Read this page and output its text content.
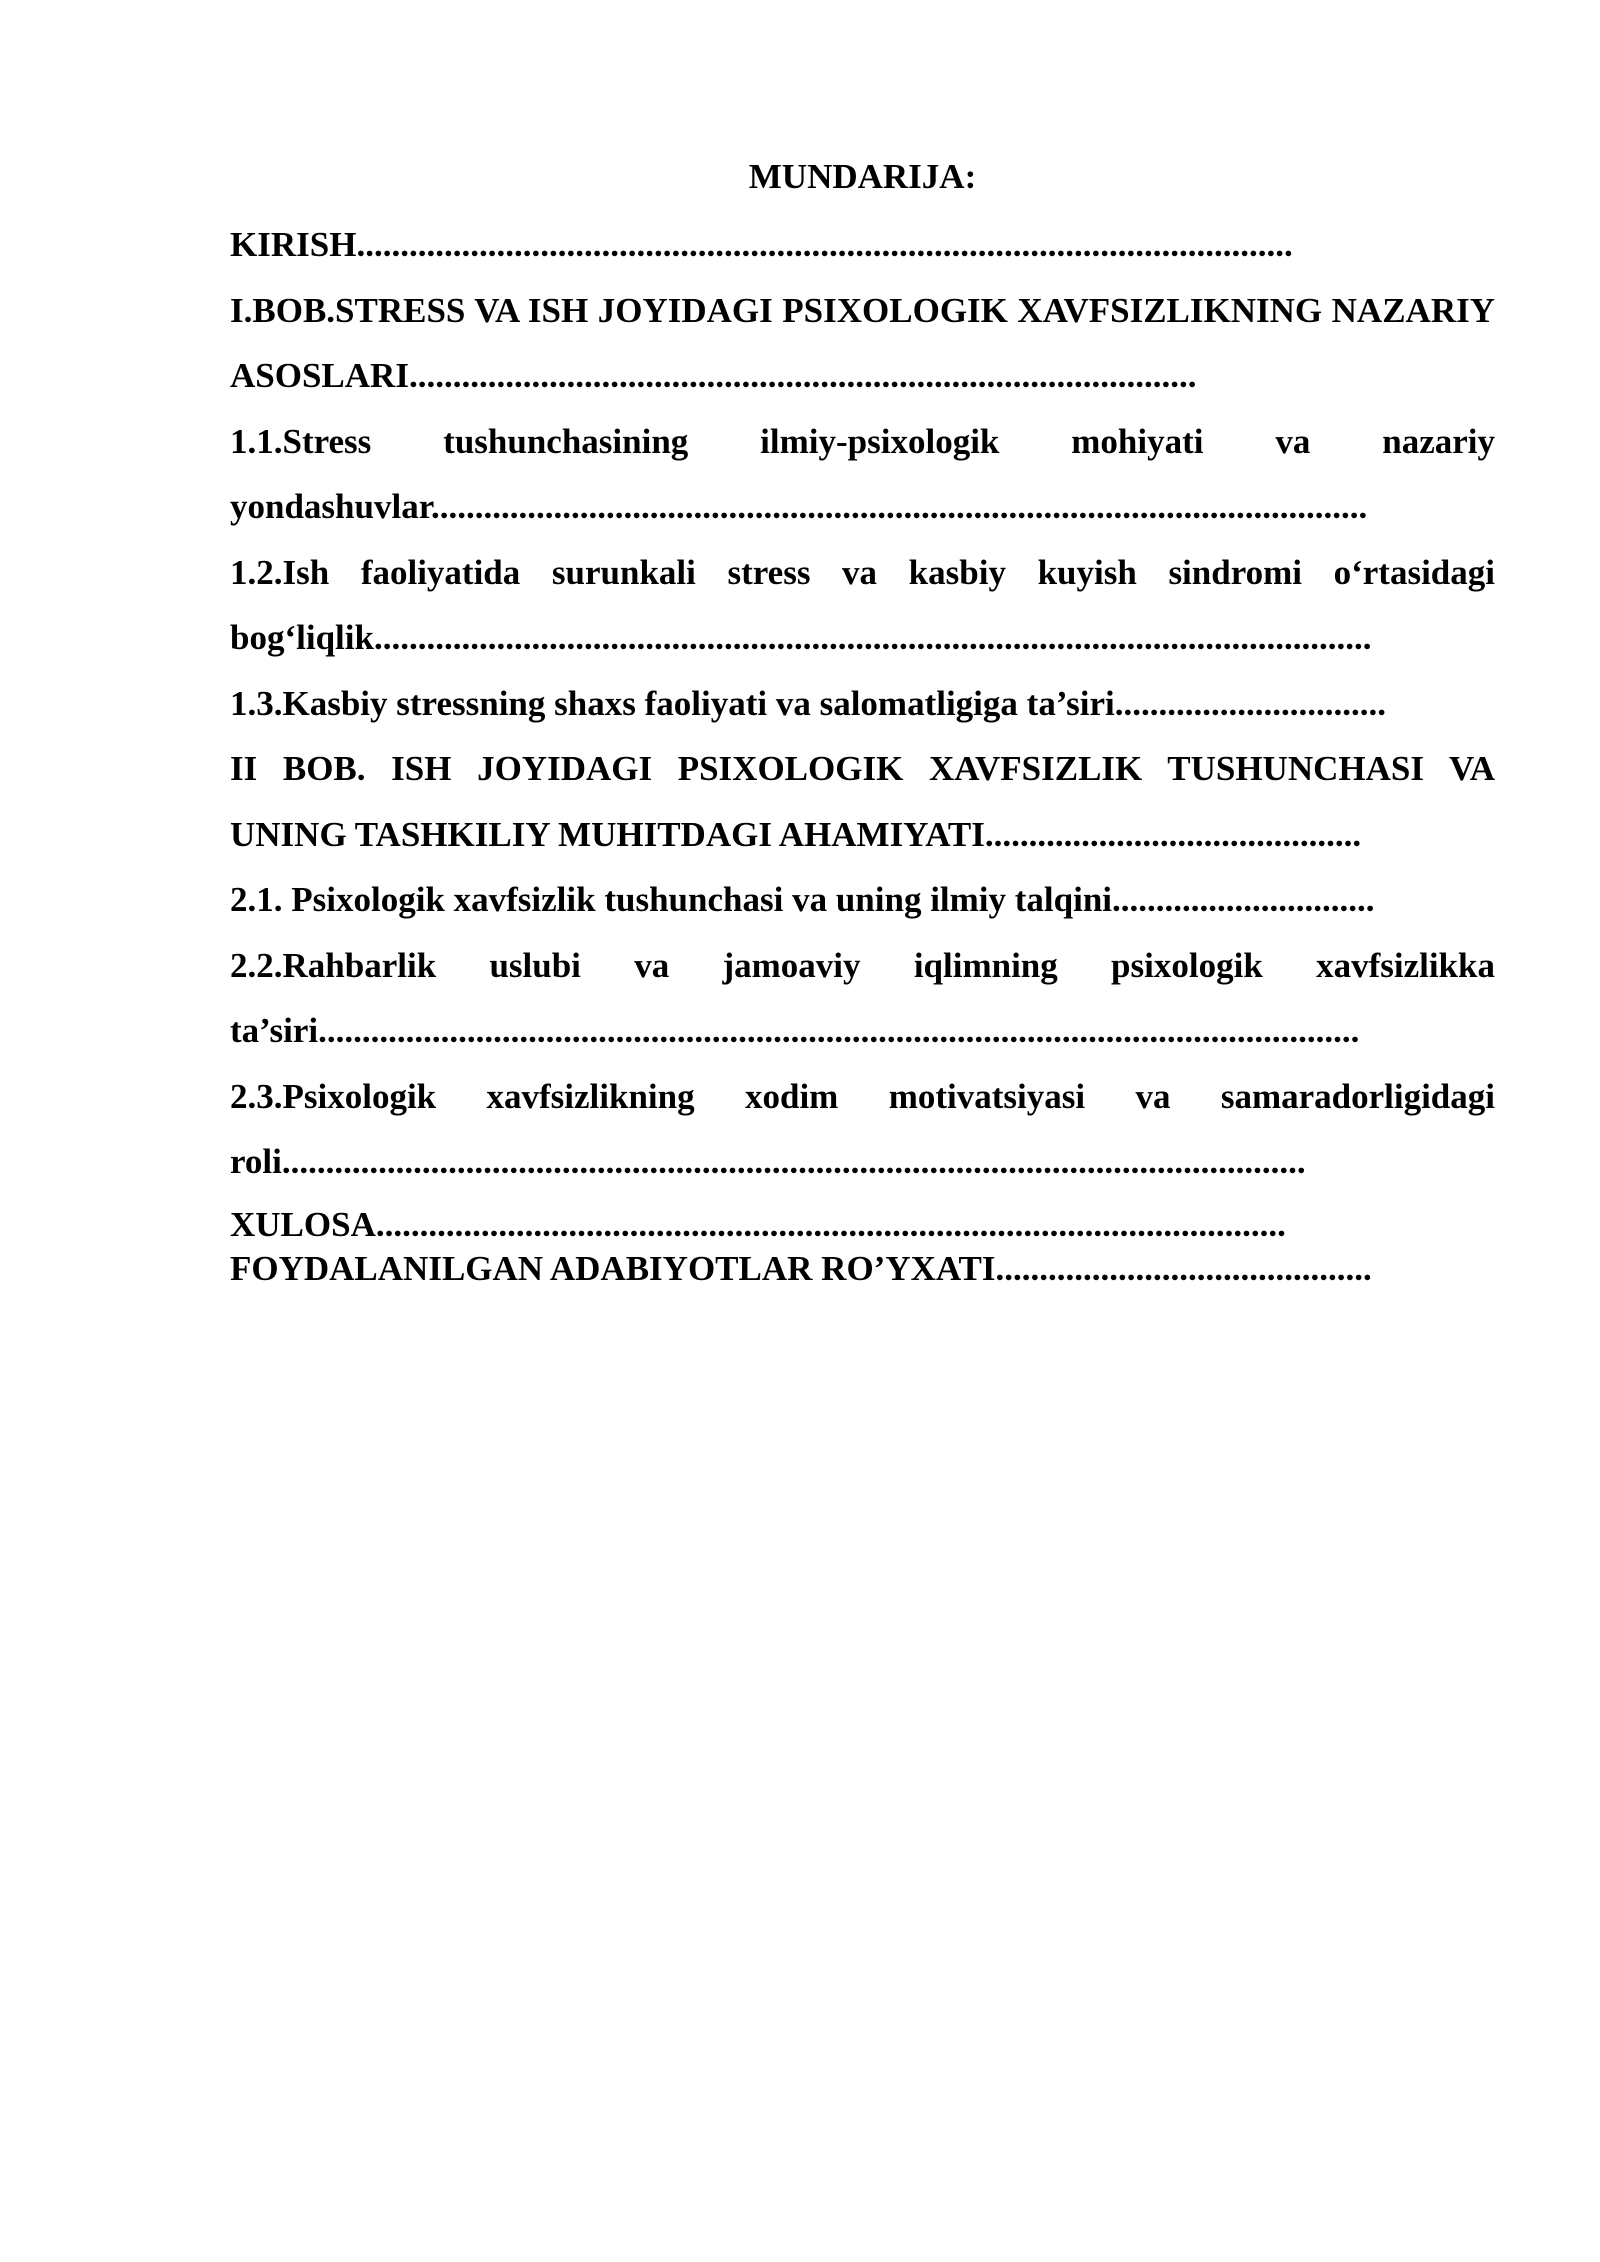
MUNDARIJA:

KIRISH...........................................................................................................

I.BOB.STRESS VA ISH JOYIDAGI PSIXOLOGIK XAVFSIZLIKNING NAZARIY ASOSLARI..........................................................................................

1.1.Stress tushunchasining ilmiy-psixologik mohiyati va nazariy yondashuvlar...........................................................................................................

1.2.Ish faoliyatida surunkali stress va kasbiy kuyish sindromi o‘rtasidagi bog‘liqlik..................................................................................................................

1.3.Kasbiy stressning shaxs faoliyati va salomatligiga ta’siri...............................

II BOB. ISH JOYIDAGI PSIXOLOGIK XAVFSIZLIK TUSHUNCHASI VA UNING TASHKILIY MUHITDAGI AHAMIYATI...........................................

2.1. Psixologik xavfsizlik tushunchasi va uning ilmiy talqini..............................

2.2.Rahbarlik uslubi va jamoaviy iqlimning psixologik xavfsizlikka ta’siri.......................................................................................................................

2.3.Psixologik xavfsizlikning xodim motivatsiyasi va samaradorligidagi roli.....................................................................................................................

XULOSA........................................................................................................

FOYDALANILGAN ADABIYOTLAR RO’YXATI...........................................
